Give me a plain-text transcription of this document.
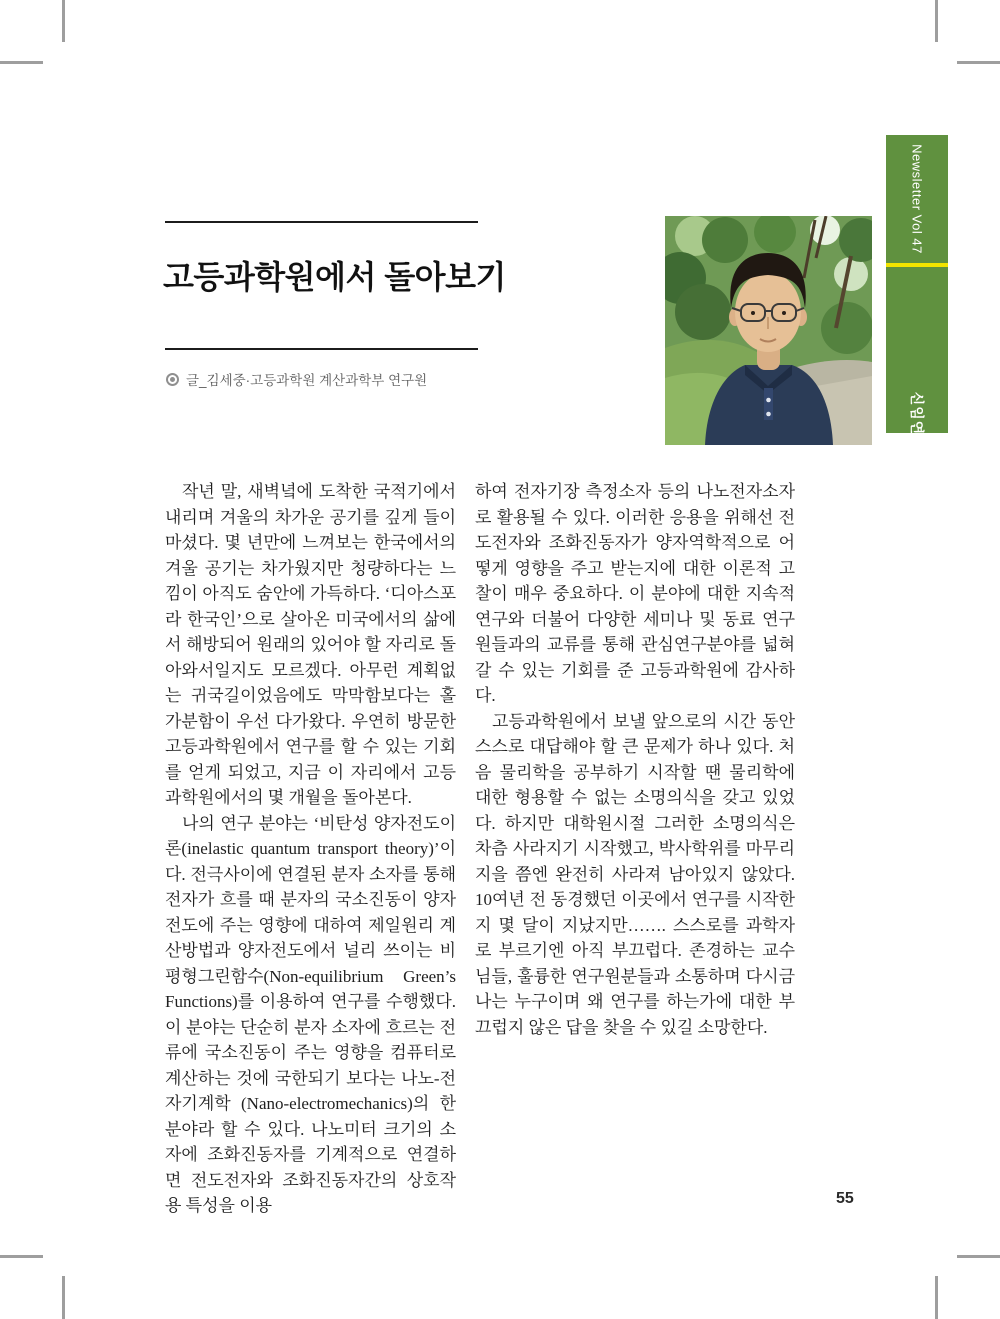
Newsletter Vol 47
신임연구진 소개
고등과학원에서 돌아보기
글_김세중·고등과학원 계산과학부 연구원

작년 말, 새벽녘에 도착한 국적기에서 내리며 겨울의 차가운 공기를 깊게 들이마셨다. 몇 년만에 느껴보는 한국에서의 겨울 공기는 차가웠지만 청량하다는 느낌이 아직도 숨안에 가득하다. ‘디아스포라 한국인’으로 살아온 미국에서의 삶에서 해방되어 원래의 있어야 할 자리로 돌아와서일지도 모르겠다. 아무런 계획없는 귀국길이었음에도 막막함보다는 홀가분함이 우선 다가왔다. 우연히 방문한 고등과학원에서 연구를 할 수 있는 기회를 얻게 되었고, 지금 이 자리에서 고등과학원에서의 몇 개월을 돌아본다.

나의 연구 분야는 ‘비탄성 양자전도이론(inelastic quantum transport theory)’이다. 전극사이에 연결된 분자 소자를 통해 전자가 흐를 때 분자의 국소진동이 양자전도에 주는 영향에 대하여 제일원리 계산방법과 양자전도에서 널리 쓰이는 비평형그린함수(Non-equilibrium Green’s Functions)를 이용하여 연구를 수행했다. 이 분야는 단순히 분자 소자에 흐르는 전류에 국소진동이 주는 영향을 컴퓨터로 계산하는 것에 국한되기 보다는 나노-전자기계학 (Nano-electromechanics)의 한 분야라 할 수 있다. 나노미터 크기의 소자에 조화진동자를 기계적으로 연결하면 전도전자와 조화진동자간의 상호작용 특성을 이용

하여 전자기장 측정소자 등의 나노전자소자로 활용될 수 있다. 이러한 응용을 위해선 전도전자와 조화진동자가 양자역학적으로 어떻게 영향을 주고 받는지에 대한 이론적 고찰이 매우 중요하다. 이 분야에 대한 지속적 연구와 더불어 다양한 세미나 및 동료 연구원들과의 교류를 통해 관심연구분야를 넓혀갈 수 있는 기회를 준 고등과학원에 감사하다.

고등과학원에서 보낼 앞으로의 시간 동안 스스로 대답해야 할 큰 문제가 하나 있다. 처음 물리학을 공부하기 시작할 땐 물리학에 대한 형용할 수 없는 소명의식을 갖고 있었다. 하지만 대학원시절 그러한 소명의식은 차츰 사라지기 시작했고, 박사학위를 마무리지을 쯤엔 완전히 사라져 남아있지 않았다. 10여년 전 동경했던 이곳에서 연구를 시작한 지 몇 달이 지났지만……. 스스로를 과학자로 부르기엔 아직 부끄럽다. 존경하는 교수님들, 훌륭한 연구원분들과 소통하며 다시금 나는 누구이며 왜 연구를 하는가에 대한 부끄럽지 않은 답을 찾을 수 있길 소망한다.

55
